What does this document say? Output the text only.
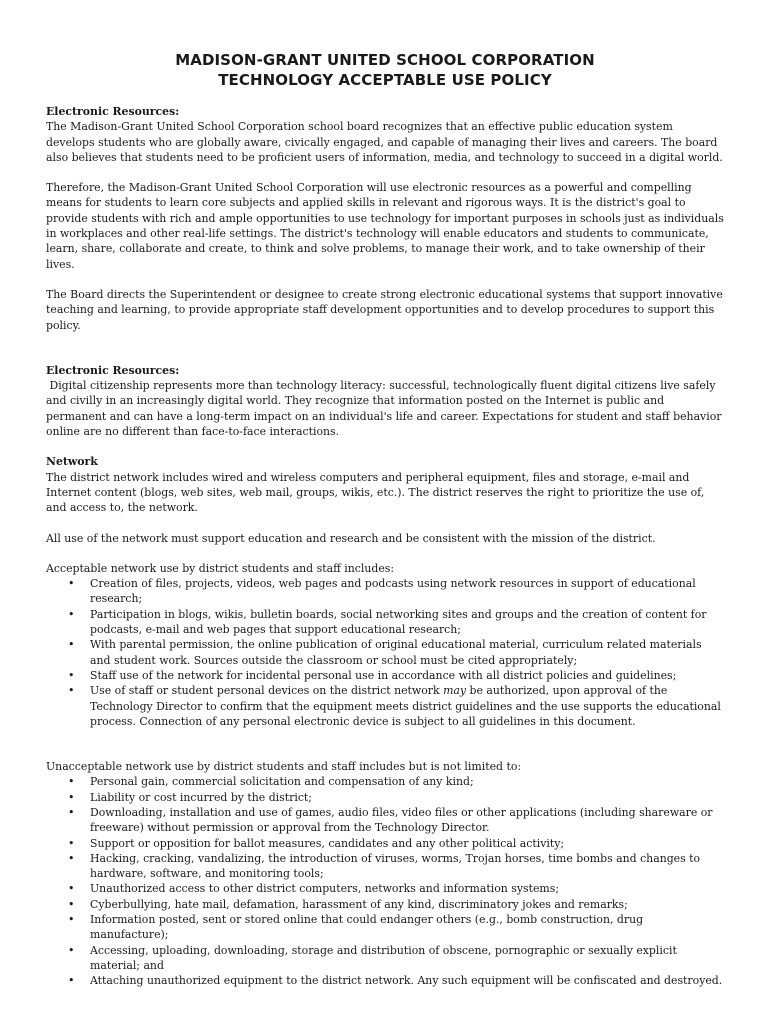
MADISON-GRANT UNITED SCHOOL CORPORATION
TECHNOLOGY ACCEPTABLE USE POLICY

Electronic Resources:

The Madison-Grant United School Corporation school board recognizes that an effective public education system develops students who are globally aware, civically engaged, and capable of managing their lives and careers. The board also believes that students need to be proficient users of information, media, and technology to succeed in a digital world.

Therefore, the Madison-Grant United School Corporation will use electronic resources as a powerful and compelling means for students to learn core subjects and applied skills in relevant and rigorous ways. It is the district's goal to provide students with rich and ample opportunities to use technology for important purposes in schools just as individuals in workplaces and other real-life settings. The district's technology will enable educators and students to communicate, learn, share, collaborate and create, to think and solve problems, to manage their work, and to take ownership of their lives.

The Board directs the Superintendent or designee to create strong electronic educational systems that support innovative teaching and learning, to provide appropriate staff development opportunities and to develop procedures to support this policy.

Electronic Resources:

Digital citizenship represents more than technology literacy: successful, technologically fluent digital citizens live safely and civilly in an increasingly digital world. They recognize that information posted on the Internet is public and permanent and can have a long-term impact on an individual's life and career. Expectations for student and staff behavior online are no different than face-to-face interactions.

Network

The district network includes wired and wireless computers and peripheral equipment, files and storage, e-mail and Internet content (blogs, web sites, web mail, groups, wikis, etc.). The district reserves the right to prioritize the use of, and access to, the network.

All use of the network must support education and research and be consistent with the mission of the district.

Acceptable network use by district students and staff includes:

• Creation of files, projects, videos, web pages and podcasts using network resources in support of educational research;
• Participation in blogs, wikis, bulletin boards, social networking sites and groups and the creation of content for podcasts, e-mail and web pages that support educational research;
• With parental permission, the online publication of original educational material, curriculum related materials and student work. Sources outside the classroom or school must be cited appropriately;
• Staff use of the network for incidental personal use in accordance with all district policies and guidelines;
• Use of staff or student personal devices on the district network may be authorized, upon approval of the Technology Director to confirm that the equipment meets district guidelines and the use supports the educational process. Connection of any personal electronic device is subject to all guidelines in this document.

Unacceptable network use by district students and staff includes but is not limited to:

• Personal gain, commercial solicitation and compensation of any kind;
• Liability or cost incurred by the district;
• Downloading, installation and use of games, audio files, video files or other applications (including shareware or freeware) without permission or approval from the Technology Director.
• Support or opposition for ballot measures, candidates and any other political activity;
• Hacking, cracking, vandalizing, the introduction of viruses, worms, Trojan horses, time bombs and changes to hardware, software, and monitoring tools;
• Unauthorized access to other district computers, networks and information systems;
• Cyberbullying, hate mail, defamation, harassment of any kind, discriminatory jokes and remarks;
• Information posted, sent or stored online that could endanger others (e.g., bomb construction, drug manufacture);
• Accessing, uploading, downloading, storage and distribution of obscene, pornographic or sexually explicit material; and
• Attaching unauthorized equipment to the district network. Any such equipment will be confiscated and destroyed.
